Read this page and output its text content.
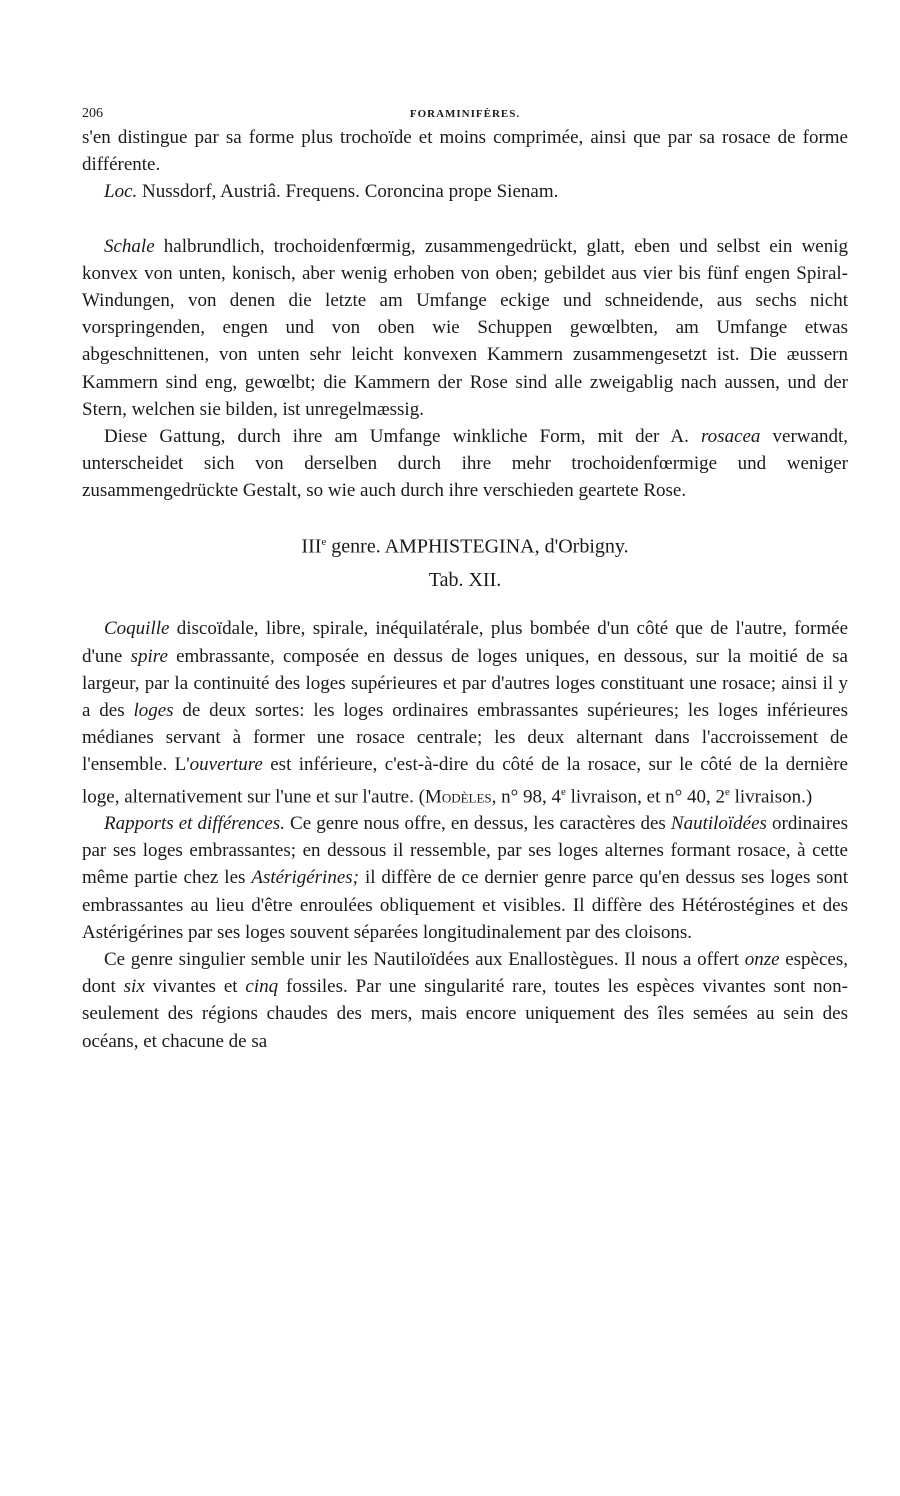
206	FORAMINIFÈRES.

s'en distingue par sa forme plus trochoïde et moins comprimée, ainsi que par sa rosace de forme différente.

Loc. Nussdorf, Austriâ. Frequens. Coroncina prope Sienam.

Schale halbrundlich, trochoidenfœrmig, zusammengedrückt, glatt, eben und selbst ein wenig konvex von unten, konisch, aber wenig erhoben von oben; gebildet aus vier bis fünf engen Spiral-Windungen, von denen die letzte am Umfange eckige und schneidende, aus sechs nicht vorspringenden, engen und von oben wie Schuppen gewœlbten, am Umfange etwas abgeschnittenen, von unten sehr leicht konvexen Kammern zusammengesetzt ist. Die æussern Kammern sind eng, gewœlbt; die Kammern der Rose sind alle zweigablig nach aussen, und der Stern, welchen sie bilden, ist unregelmæssig.

Diese Gattung, durch ihre am Umfange winkliche Form, mit der A. rosacea verwandt, unterscheidet sich von derselben durch ihre mehr trochoidenfœrmige und weniger zusammengedrückte Gestalt, so wie auch durch ihre verschieden geartete Rose.

IIIe genre. AMPHISTEGINA, d'Orbigny.

Tab. XII.

Coquille discoïdale, libre, spirale, inéquilatérale, plus bombée d'un côté que de l'autre, formée d'une spire embrassante, composée en dessus de loges uniques, en dessous, sur la moitié de sa largeur, par la continuité des loges supérieures et par d'autres loges constituant une rosace; ainsi il y a des loges de deux sortes: les loges ordinaires embrassantes supérieures; les loges inférieures médianes servant à former une rosace centrale; les deux alternant dans l'accroissement de l'ensemble. L'ouverture est inférieure, c'est-à-dire du côté de la rosace, sur le côté de la dernière loge, alternativement sur l'une et sur l'autre. (Modèles, n° 98, 4e livraison, et n° 40, 2e livraison.)

Rapports et différences. Ce genre nous offre, en dessus, les caractères des Nautiloïdées ordinaires par ses loges embrassantes; en dessous il ressemble, par ses loges alternes formant rosace, à cette même partie chez les Astérigérines; il diffère de ce dernier genre parce qu'en dessus ses loges sont embrassantes au lieu d'être enroulées obliquement et visibles. Il diffère des Hétérostégines et des Astérigérines par ses loges souvent séparées longitudinalement par des cloisons.

Ce genre singulier semble unir les Nautiloïdées aux Enallostègues. Il nous a offert onze espèces, dont six vivantes et cinq fossiles. Par une singularité rare, toutes les espèces vivantes sont non-seulement des régions chaudes des mers, mais encore uniquement des îles semées au sein des océans, et chacune de sa
